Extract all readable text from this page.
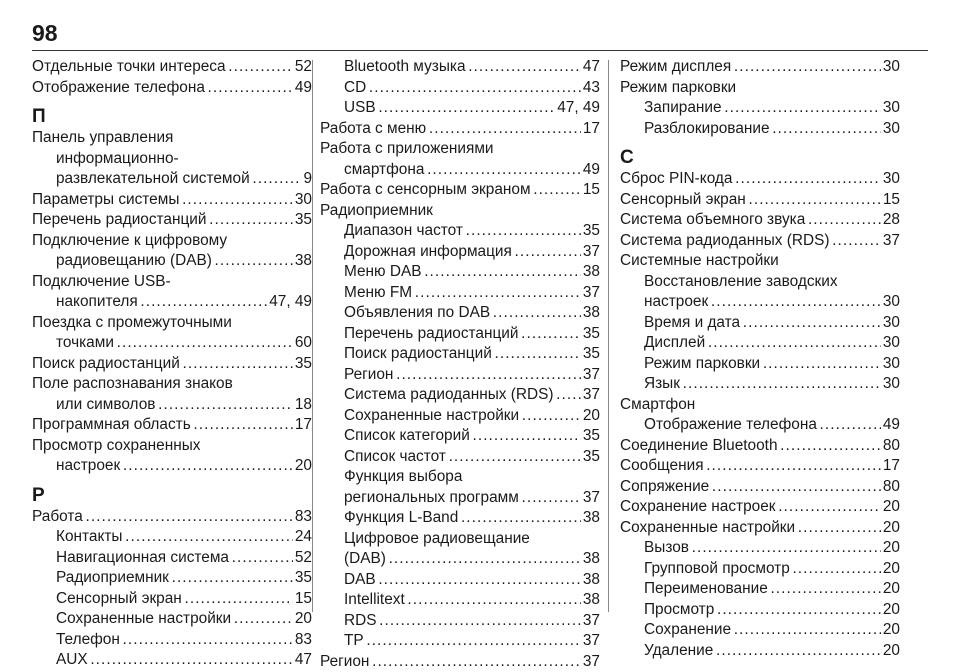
98
Отдельные точки интереса . . .	52
Отображение телефона . . .	49
П
Панель управления
информационно-
развлекательной системой . . .	9
Параметры системы . . .	30
Перечень радиостанций . . .	35
Подключение к цифровому
радиовещанию (DAB) . . .	38
Подключение USB-
накопителя . . .	47, 49
Поездка с промежуточными
точками . . .	60
Поиск радиостанций . . .	35
Поле распознавания знаков
или символов . . .	18
Программная область . . .	17
Просмотр сохраненных
настроек . . .	20
Р
Работа . . .	83
Контакты . . .	24
Навигационная система . . .	52
Радиоприемник . . .	35
Сенсорный экран . . .	15
Сохраненные настройки . . .	20
Телефон . . .	83
AUX . . .	47
Bluetooth музыка . . .	47
CD . . .	43
USB . . .	47, 49
Работа с меню . . .	17
Работа с приложениями
смартфона . . .	49
Работа с сенсорным экраном . . .	15
Радиоприемник
Диапазон частот . . .	35
Дорожная информация . . .	37
Меню DAB . . .	38
Меню FM . . .	37
Объявления по DAB . . .	38
Перечень радиостанций . . .	35
Поиск радиостанций . . .	35
Регион . . .	37
Система радиоданных (RDS) . . . 37
Сохраненные настройки . . .	20
Список категорий . . .	35
Список частот . . .	35
Функция выбора
региональных программ . . .	37
Функция L-Band . . .	38
Цифровое радиовещание
(DAB) . . .	38
DAB . . .	38
Intellitext . . .	38
RDS . . .	37
TP . . .	37
Регион . . .	37
Режим дисплея . . .	30
Режим парковки
Запирание . . .	30
Разблокирование . . .	30
С
Сброс PIN-кода . . .	30
Сенсорный экран . . .	15
Система объемного звука . . .	28
Система радиоданных (RDS) . . .	37
Системные настройки
Восстановление заводских
настроек . . .	30
Время и дата . . .	30
Дисплей . . .	30
Режим парковки . . .	30
Язык . . .	30
Смартфон
Отображение телефона . . .	49
Соединение Bluetooth . . .	80
Сообщения . . .	17
Сопряжение . . .	80
Сохранение настроек . . .	20
Сохраненные настройки . . .	20
Вызов . . .	20
Групповой просмотр . . .	20
Переименование . . .	20
Просмотр . . .	20
Сохранение . . .	20
Удаление . . .	20
